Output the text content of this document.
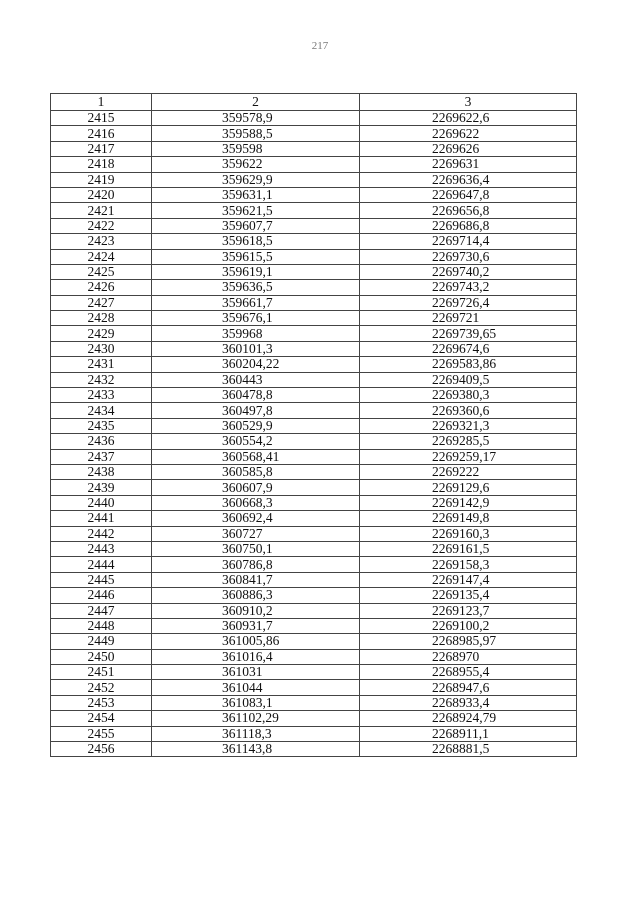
217
1	2	3
2415	359578,9	2269622,6
2416	359588,5	2269622
2417	359598	2269626
2418	359622	2269631
2419	359629,9	2269636,4
2420	359631,1	2269647,8
2421	359621,5	2269656,8
2422	359607,7	2269686,8
2423	359618,5	2269714,4
2424	359615,5	2269730,6
2425	359619,1	2269740,2
2426	359636,5	2269743,2
2427	359661,7	2269726,4
2428	359676,1	2269721
2429	359968	2269739,65
2430	360101,3	2269674,6
2431	360204,22	2269583,86
2432	360443	2269409,5
2433	360478,8	2269380,3
2434	360497,8	2269360,6
2435	360529,9	2269321,3
2436	360554,2	2269285,5
2437	360568,41	2269259,17
2438	360585,8	2269222
2439	360607,9	2269129,6
2440	360668,3	2269142,9
2441	360692,4	2269149,8
2442	360727	2269160,3
2443	360750,1	2269161,5
2444	360786,8	2269158,3
2445	360841,7	2269147,4
2446	360886,3	2269135,4
2447	360910,2	2269123,7
2448	360931,7	2269100,2
2449	361005,86	2268985,97
2450	361016,4	2268970
2451	361031	2268955,4
2452	361044	2268947,6
2453	361083,1	2268933,4
2454	361102,29	2268924,79
2455	361118,3	2268911,1
2456	361143,8	2268881,5
